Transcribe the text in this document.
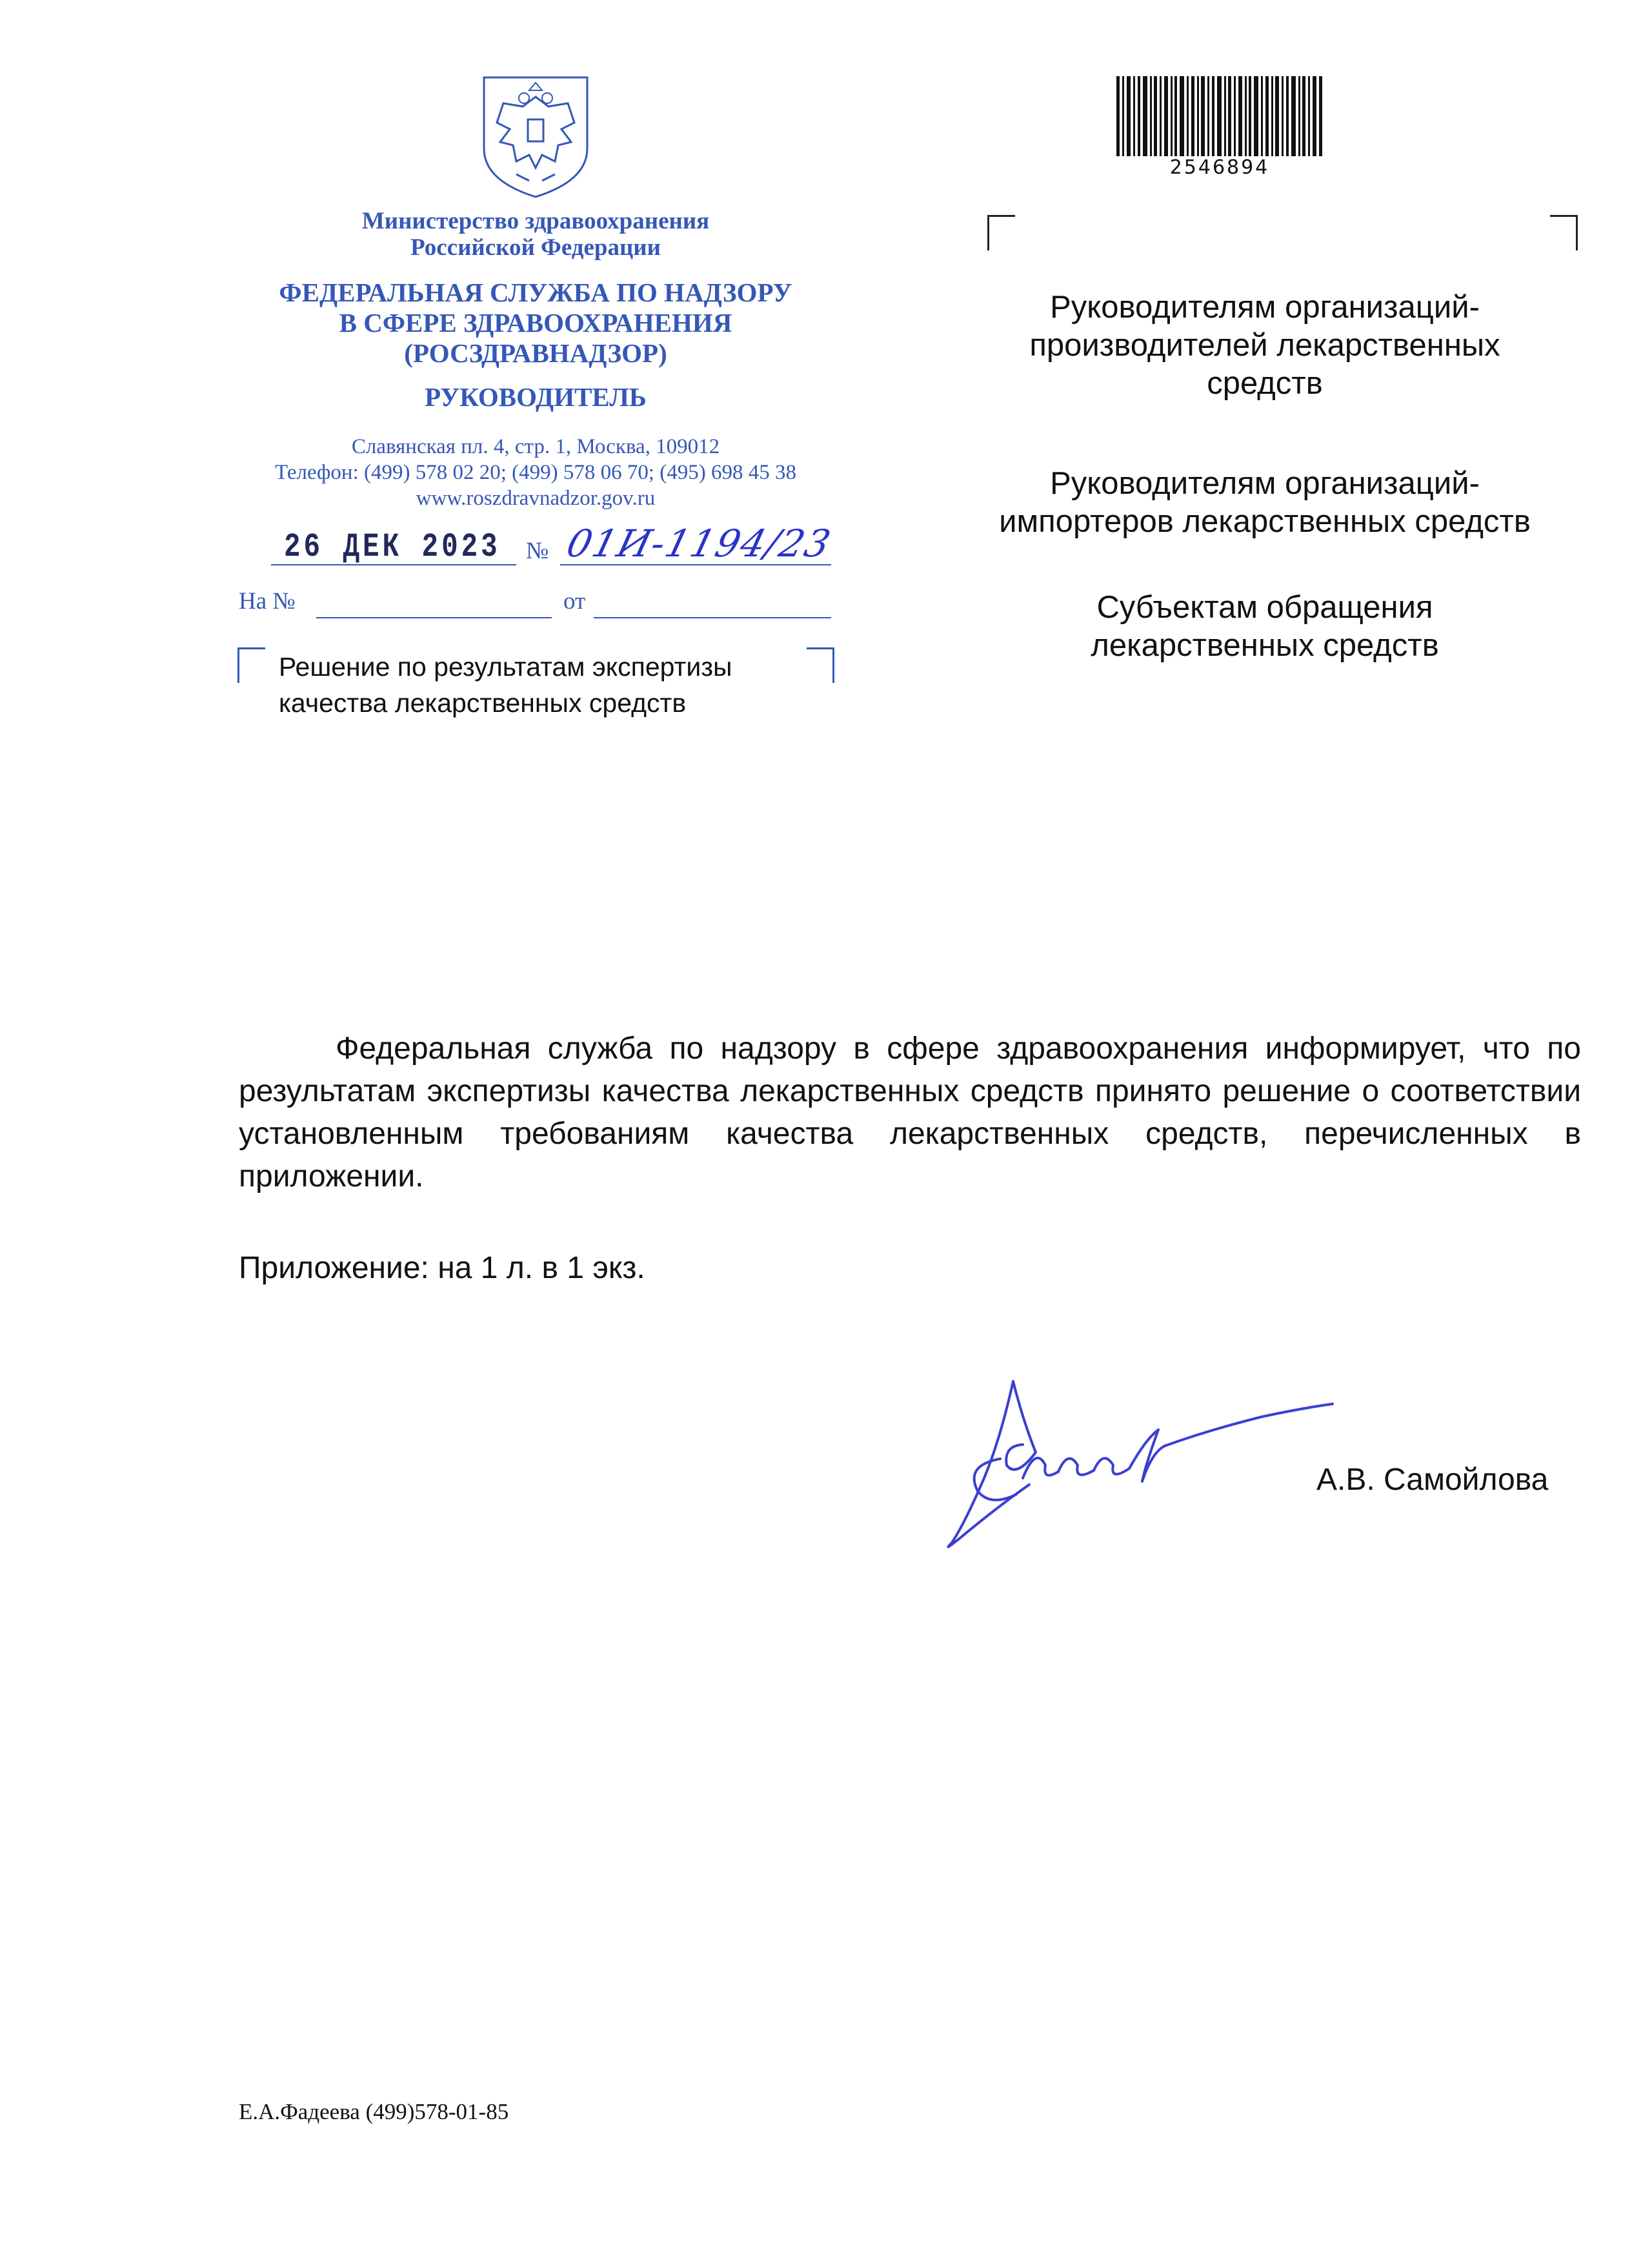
Министерство здравоохранения
Российской Федерации
ФЕДЕРАЛЬНАЯ СЛУЖБА ПО НАДЗОРУ
В СФЕРЕ ЗДРАВООХРАНЕНИЯ
(РОСЗДРАВНАДЗОР)
РУКОВОДИТЕЛЬ
Славянская пл. 4, стр. 1, Москва, 109012
Телефон: (499) 578 02 20; (499) 578 06 70; (495) 698 45 38
www.roszdravnadzor.gov.ru
26 ДЕК 2023 № 01И-1194/23
На №	от
Решение по результатам экспертизы
качества лекарственных средств
2546894
Руководителям организаций-
производителей лекарственных
средств
Руководителям организаций-
импортеров лекарственных средств
Субъектам обращения
лекарственных средств
Федеральная служба по надзору в сфере здравоохранения информирует, что по результатам экспертизы качества лекарственных средств принято решение о соответствии установленным требованиям качества лекарственных средств, перечисленных в приложении.
Приложение: на 1 л. в 1 экз.
А.В. Самойлова
Е.А.Фадеева (499)578-01-85
